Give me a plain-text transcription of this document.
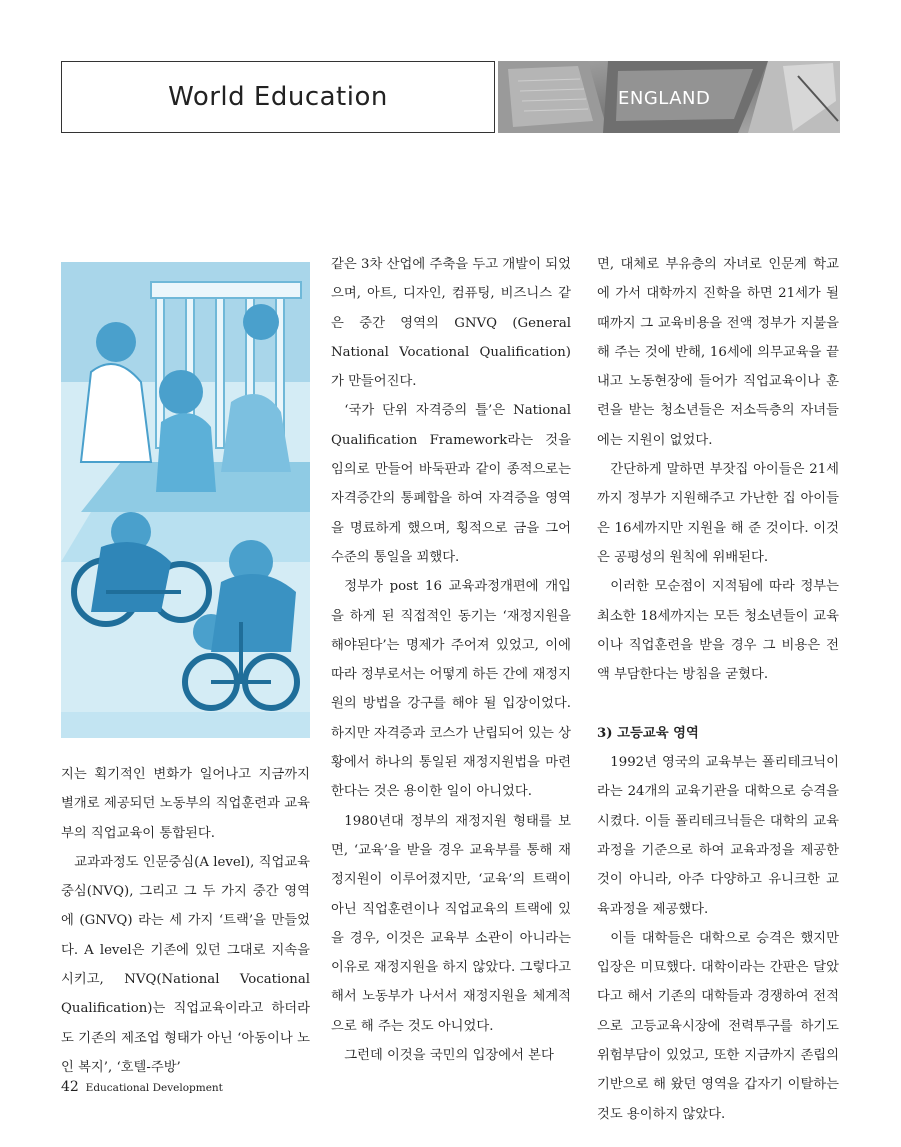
World Education	ENGLAND

지는 획기적인 변화가 일어나고 지금까지 별개로 제공되던 노동부의 직업훈련과 교육부의 직업교육이 통합된다.

교과과정도 인문중심(A level), 직업교육중심(NVQ), 그리고 그 두 가지 중간 영역에 (GNVQ) 라는 세 가지 ‘트랙’을 만들었다. A level은 기존에 있던 그대로 지속을 시키고, NVQ(National Vocational Qualification)는 직업교육이라고 하더라도 기존의 제조업 형태가 아닌 ‘아동이나 노인 복지’, ‘호텔-주방’

같은 3차 산업에 주축을 두고 개발이 되었으며, 아트, 디자인, 컴퓨팅, 비즈니스 같은 중간 영역의 GNVQ (General National Vocational Qualification)가 만들어진다.

‘국가 단위 자격증의 틀’은 National Qualification Framework라는 것을 임의로 만들어 바둑판과 같이 종적으로는 자격증간의 통폐합을 하여 자격증을 영역을 명료하게 했으며, 횡적으로 금을 그어 수준의 통일을 꾀했다.

정부가 post 16 교육과정개편에 개입을 하게 된 직접적인 동기는 ‘재정지원을 해야된다’는 명제가 주어져 있었고, 이에 따라 정부로서는 어떻게 하든 간에 재정지원의 방법을 강구를 해야 될 입장이었다. 하지만 자격증과 코스가 난립되어 있는 상황에서 하나의 통일된 재정지원법을 마련한다는 것은 용이한 일이 아니었다.

1980년대 정부의 재정지원 형태를 보면, ‘교육’을 받을 경우 교육부를 통해 재정지원이 이루어졌지만, ‘교육’의 트랙이 아닌 직업훈련이나 직업교육의 트랙에 있을 경우, 이것은 교육부 소관이 아니라는 이유로 재정지원을 하지 않았다. 그렇다고 해서 노동부가 나서서 재정지원을 체계적으로 해 주는 것도 아니었다.

그런데 이것을 국민의 입장에서 본다

면, 대체로 부유층의 자녀로 인문계 학교에 가서 대학까지 진학을 하면 21세가 될 때까지 그 교육비용을 전액 정부가 지불을 해 주는 것에 반해, 16세에 의무교육을 끝내고 노동현장에 들어가 직업교육이나 훈련을 받는 청소년들은 저소득층의 자녀들에는 지원이 없었다.

간단하게 말하면 부잣집 아이들은 21세까지 정부가 지원해주고 가난한 집 아이들은 16세까지만 지원을 해 준 것이다. 이것은 공평성의 원칙에 위배된다.

이러한 모순점이 지적됨에 따라 정부는 최소한 18세까지는 모든 청소년들이 교육이나 직업훈련을 받을 경우 그 비용은 전액 부담한다는 방침을 굳혔다.

3) 고등교육 영역

1992년 영국의 교육부는 폴리테크닉이라는 24개의 교육기관을 대학으로 승격을 시켰다. 이들 폴리테크닉들은 대학의 교육과정을 기준으로 하여 교육과정을 제공한 것이 아니라, 아주 다양하고 유니크한 교육과정을 제공했다.

이들 대학들은 대학으로 승격은 했지만 입장은 미묘했다. 대학이라는 간판은 달았다고 해서 기존의 대학들과 경쟁하여 전적으로 고등교육시장에 전력투구를 하기도 위험부담이 있었고, 또한 지금까지 존립의 기반으로 해 왔던 영역을 갑자기 이탈하는 것도 용이하지 않았다.

42 Educational Development
